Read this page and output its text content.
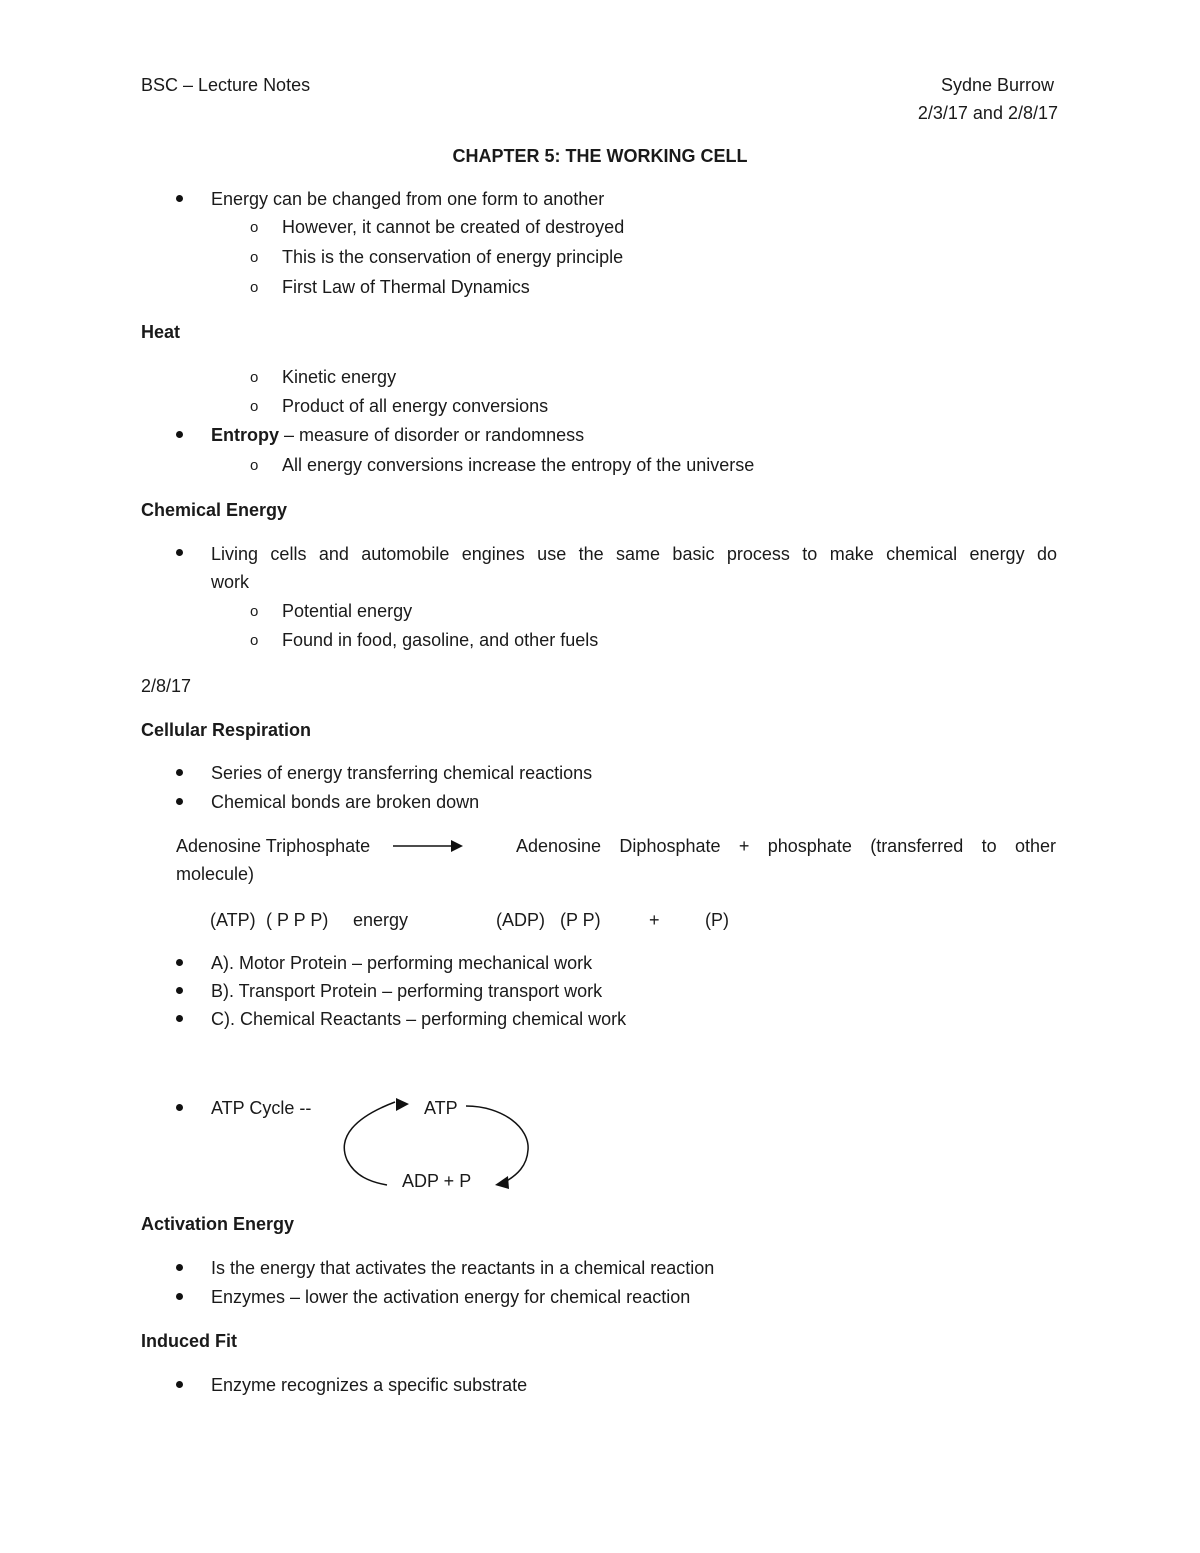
BSC – Lecture Notes	Sydne Burrow
2/3/17 and 2/8/17
CHAPTER 5: THE WORKING CELL
Energy can be changed from one form to another
o However, it cannot be created of destroyed
o This is the conservation of energy principle
o First Law of Thermal Dynamics
Heat
o Kinetic energy
o Product of all energy conversions
Entropy – measure of disorder or randomness
o All energy conversions increase the entropy of the universe
Chemical Energy
Living cells and automobile engines use the same basic process to make chemical energy do
work
o Potential energy
o Found in food, gasoline, and other fuels
2/8/17
Cellular Respiration
Series of energy transferring chemical reactions
Chemical bonds are broken down
Adenosine Triphosphate	Adenosine Diphosphate + phosphate (transferred to other
molecule)
(ATP) ( P P P) energy	(ADP) (P P)	+	(P)
A). Motor Protein – performing mechanical work
B). Transport Protein – performing transport work
C). Chemical Reactants – performing chemical work
ATP Cycle --	ATP
ADP + P
Activation Energy
Is the energy that activates the reactants in a chemical reaction
Enzymes – lower the activation energy for chemical reaction
Induced Fit
Enzyme recognizes a specific substrate
